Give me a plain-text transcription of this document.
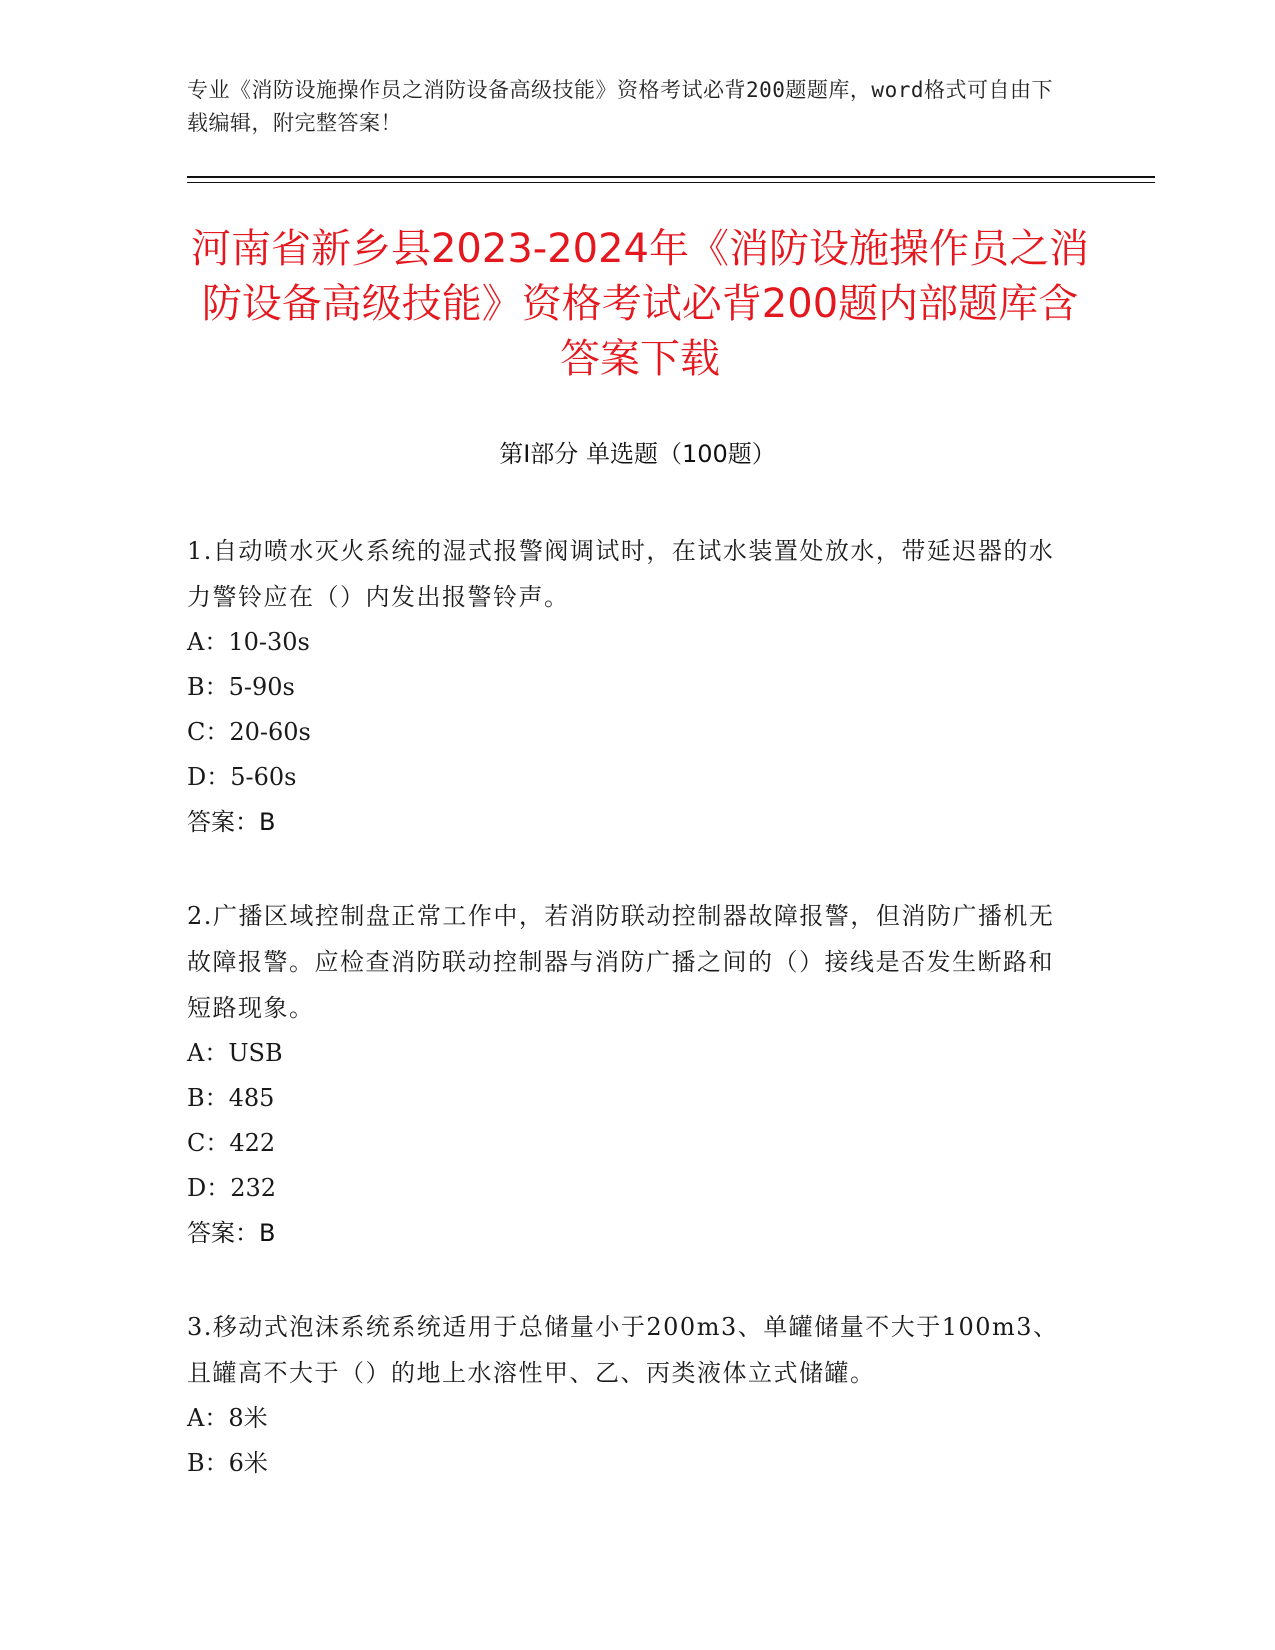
专业《消防设施操作员之消防设备高级技能》资格考试必背200题题库，word格式可自由下载编辑，附完整答案！
河南省新乡县2023-2024年《消防设施操作员之消防设备高级技能》资格考试必背200题内部题库含答案下载
第I部分 单选题（100题）
1.自动喷水灭火系统的湿式报警阀调试时，在试水装置处放水，带延迟器的水力警铃应在（）内发出报警铃声。
A：10-30s
B：5-90s
C：20-60s
D：5-60s
答案：B
2.广播区域控制盘正常工作中，若消防联动控制器故障报警，但消防广播机无故障报警。应检查消防联动控制器与消防广播之间的（）接线是否发生断路和短路现象。
A：USB
B：485
C：422
D：232
答案：B
3.移动式泡沫系统系统适用于总储量小于200m3、单罐储量不大于100m3、且罐高不大于（）的地上水溶性甲、乙、丙类液体立式储罐。
A：8米
B：6米
